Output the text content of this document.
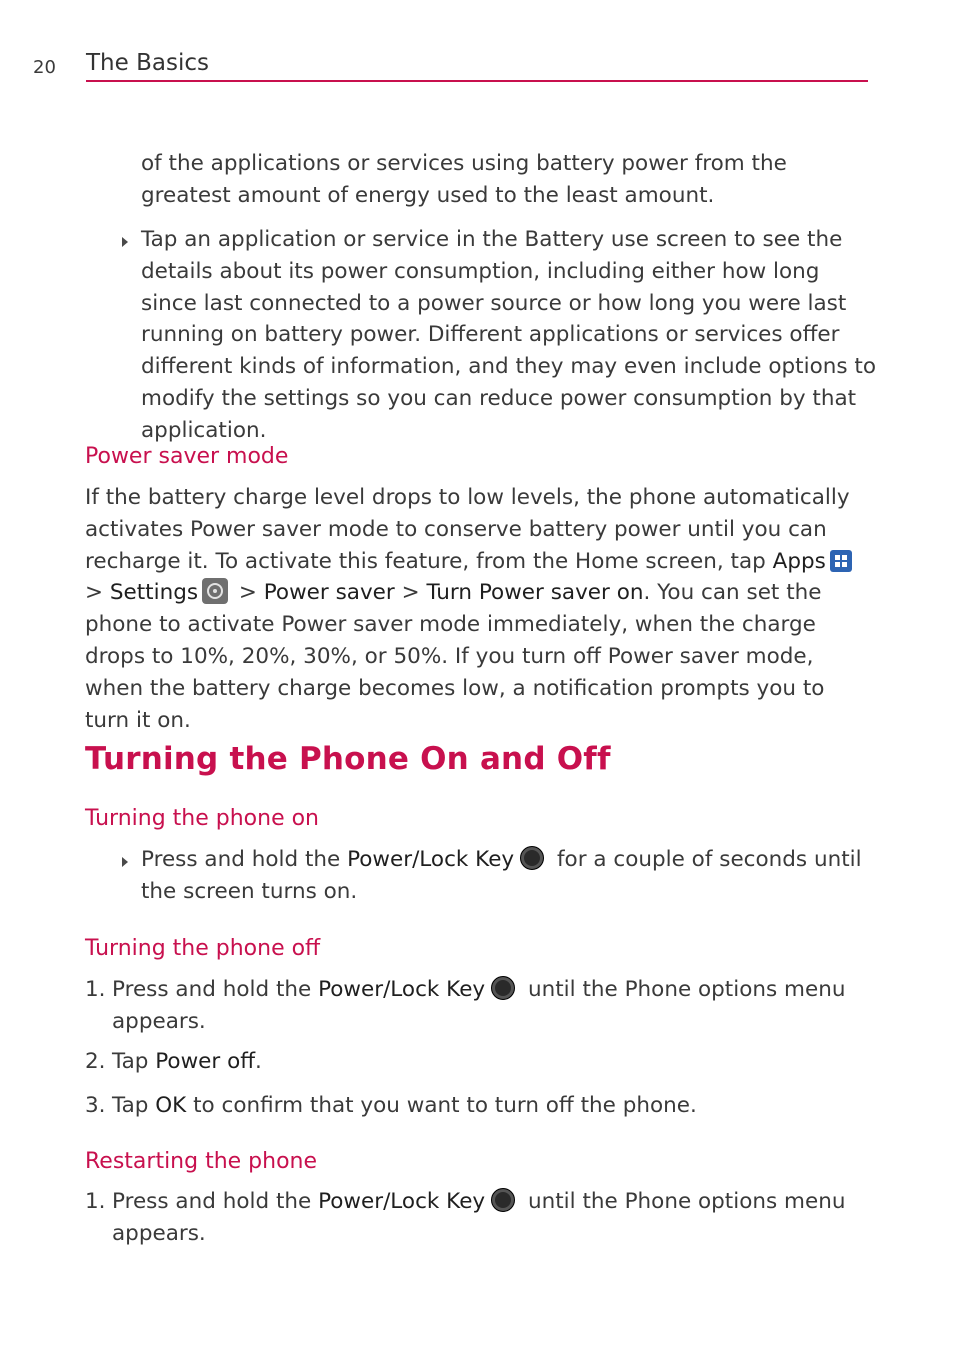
20 The Basics
of the applications or services using battery power from the greatest amount of energy used to the least amount.
Tap an application or service in the Battery use screen to see the details about its power consumption, including either how long since last connected to a power source or how long you were last running on battery power. Different applications or services offer different kinds of information, and they may even include options to modify the settings so you can reduce power consumption by that application.
Power saver mode
If the battery charge level drops to low levels, the phone automatically activates Power saver mode to conserve battery power until you can recharge it. To activate this feature, from the Home screen, tap Apps
> Settings > Power saver > Turn Power saver on. You can set the phone to activate Power saver mode immediately, when the charge drops to 10%, 20%, 30%, or 50%. If you turn off Power saver mode, when the battery charge becomes low, a notification prompts you to turn it on.
Turning the Phone On and Off
Turning the phone on
Press and hold the Power/Lock Key for a couple of seconds until the screen turns on.
Turning the phone off
1. Press and hold the Power/Lock Key until the Phone options menu appears.
2. Tap Power off.
3. Tap OK to confirm that you want to turn off the phone.
Restarting the phone
1. Press and hold the Power/Lock Key until the Phone options menu appears.
